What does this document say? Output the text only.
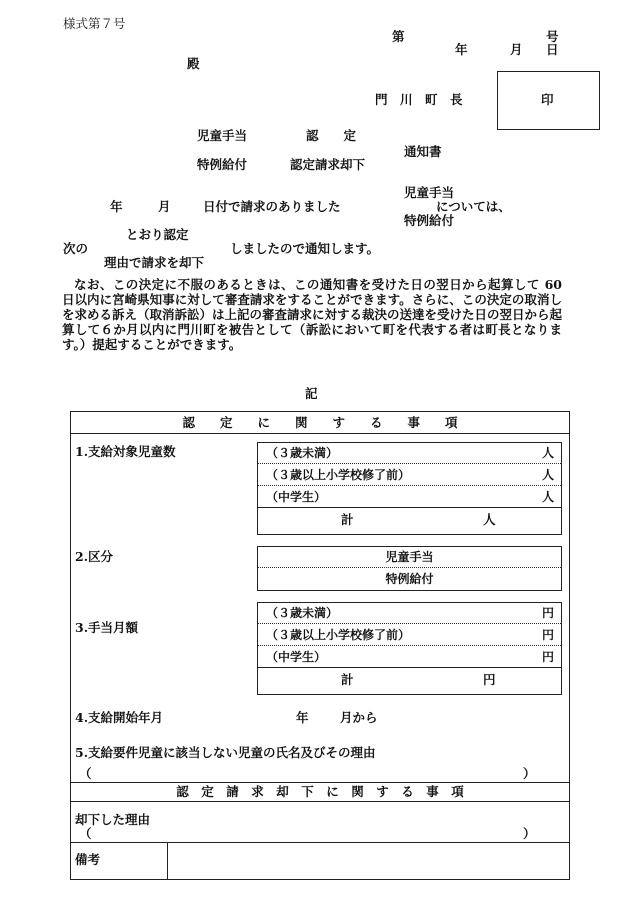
様式第７号
第	号
年	月 日
殿
門　川　町　長	印
児童手当	認　　定
通知書
特例給付	認定請求却下
児童手当
年	月	日付で請求のありました	については、
特例給付
とおり認定
次の	しましたので通知します。
理由で請求を却下
なお、この決定に不服のあるときは、この通知書を受けた日の翌日から起算して 60 日以内に宮崎県知事に対して審査請求をすることができます。さらに、この決定の取消しを求める訴え（取消訴訟）は上記の審査請求に対する裁決の送達を受けた日の翌日から起算して６か月以内に門川町を被告として（訴訟において町を代表する者は町長となります。）提起することができます。
記
認　　定　　に　　関　　す　　る　　事　　項
1.支給対象児童数	（３歳未満）	人
（３歳以上小学校修了前）	人
（中学生）	人
計	人
2.区分	児童手当
特例給付
3.手当月額
（３歳未満）	円
（３歳以上小学校修了前）	円
（中学生）	円
計	円
4.支給開始年月	年	月から
5.支給要件児童に該当しない児童の氏名及びその理由
（	）
認　定　請　求　却　下　に　関　す　る　事　項
却下した理由
（	）
備考
